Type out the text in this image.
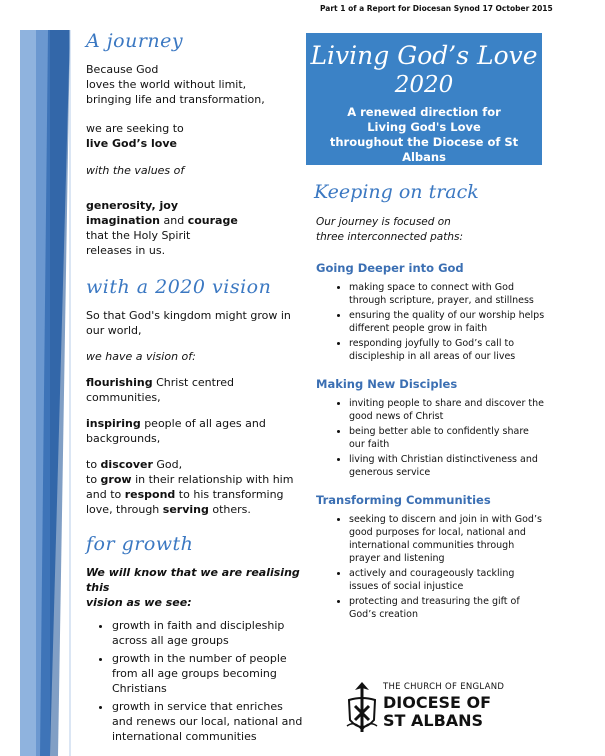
Part 1 of a Report for Diocesan Synod 17 October 2015
A journey

Because God

loves the world without limit,

bringing life and transformation,

we are seeking to

live God’s love

with the values of

generosity, joy

imagination and courage

that the Holy Spirit

releases in us.

with a 2020 vision

So that God's kingdom might grow in

our world,

we have a vision of:

flourishing Christ centred communities,

inspiring people of all ages and

backgrounds,

to discover God,

to grow in their relationship with him

and to respond to his transforming

love, through serving others.

for growth

We will know that we are realising this

vision as we see:

• growth in faith and discipleship across all age groups
• growth in the number of people from all age groups becoming Christians
• growth in service that enriches and renews our local, national and international communities
Living God’s Love
2020
A renewed direction for
Living God's Love
throughout the Diocese of St Albans
Keeping on track

Our journey is focused on

three interconnected paths:

Going Deeper into God
• making space to connect with God through scripture, prayer, and stillness
• ensuring the quality of our worship helps different people grow in faith
• responding joyfully to God’s call to discipleship in all areas of our lives
Making New Disciples
• inviting people to share and discover the good news of Christ
• being better able to confidently share our faith
• living with Christian distinctiveness and generous service
Transforming Communities
• seeking to discern and join in with God’s good purposes for local, national and international communities through prayer and listening
• actively and courageously tackling issues of social injustice
• protecting and treasuring the gift of God’s creation
THE CHURCH OF ENGLAND
DIOCESE OF
ST ALBANS
